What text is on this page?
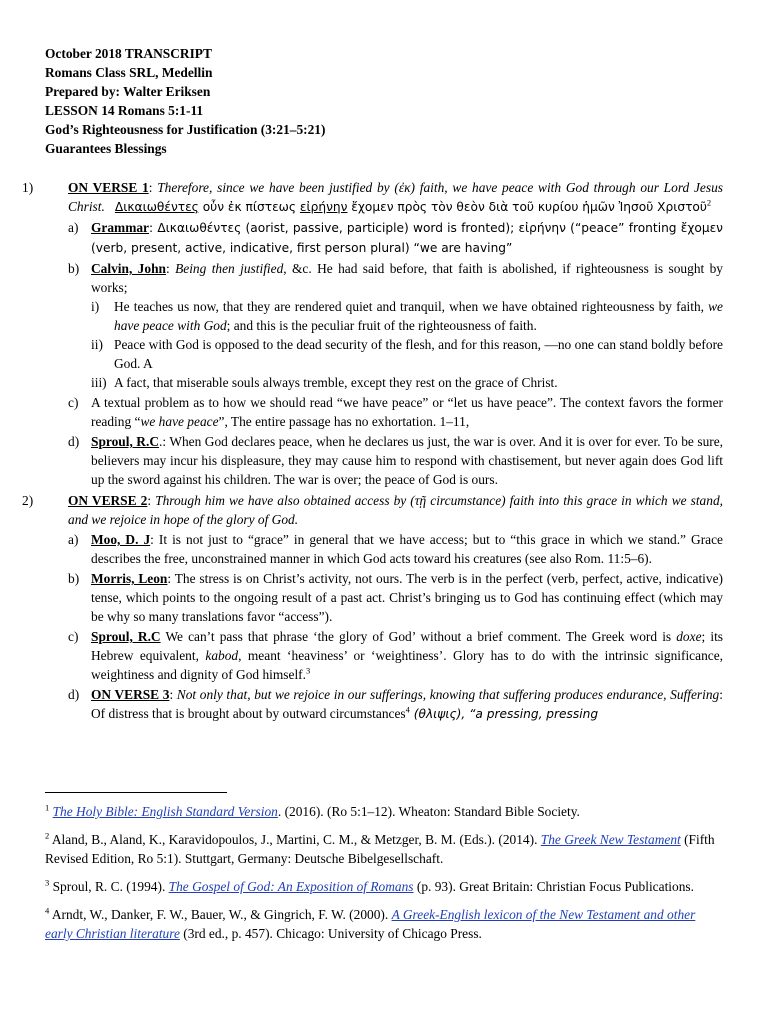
October 2018 TRANSCRIPT
Romans Class SRL, Medellin
Prepared by: Walter Eriksen
LESSON 14 Romans 5:1-11
God’s Righteousness for Justification (3:21–5:21)
Guarantees Blessings
1)	ON VERSE 1: Therefore, since we have been justified by (ἐκ) faith, we have peace with God through our Lord Jesus Christ. Δικαιωθέντες οὖν ἐκ πίστεως εἰρήνην ἔχομεν πρὸς τὸν θεὸν διὰ τοῦ κυρίου ἡμῶν Ἰησοῦ Χριστοῦ$^2$
a) Grammar: Δικαιωθέντες (aorist, passive, participle) word is fronted); εἰρήνην (“peace” fronting ἔχομεν (verb, present, active, indicative, first person plural) “we are having”
b) Calvin, John: Being then justified, &c. He had said before, that faith is abolished, if righteousness is sought by works;
i) He teaches us now, that they are rendered quiet and tranquil, when we have obtained righteousness by faith, we have peace with God; and this is the peculiar fruit of the righteousness of faith.
ii) Peace with God is opposed to the dead security of the flesh, and for this reason, —no one can stand boldly before God. A
iii) A fact, that miserable souls always tremble, except they rest on the grace of Christ.
c) A textual problem as to how we should read “we have peace” or “let us have peace”. The context favors the former reading “we have peace”, The entire passage has no exhortation. 1–11,
d) Sproul, R.C.: When God declares peace, when he declares us just, the war is over. And it is over for ever. To be sure, believers may incur his displeasure, they may cause him to respond with chastisement, but never again does God lift up the sword against his children. The war is over; the peace of God is ours.
2)	ON VERSE 2: Through him we have also obtained access by (τῇ circumstance) faith into this grace in which we stand, and we rejoice in hope of the glory of God.
a) Moo, D. J: It is not just to “grace” in general that we have access; but to “this grace in which we stand.” Grace describes the free, unconstrained manner in which God acts toward his creatures (see also Rom. 11:5–6).
b) Morris, Leon: The stress is on Christ’s activity, not ours. The verb is in the perfect (verb, perfect, active, indicative) tense, which points to the ongoing result of a past act. Christ’s bringing us to God has continuing effect (which may be why so many translations favor “access”).
c) Sproul, R.C We can’t pass that phrase ‘the glory of God’ without a brief comment. The Greek word is doxe; its Hebrew equivalent, kabod, meant ‘heaviness’ or ‘weightiness’. Glory has to do with the intrinsic significance, weightiness and dignity of God himself.$^3$
d) ON VERSE 3: Not only that, but we rejoice in our sufferings, knowing that suffering produces endurance, Suffering: Of distress that is brought about by outward circumstances$^4$ (θλιψις), “a pressing, pressing
$^1$ The Holy Bible: English Standard Version. (2016). (Ro 5:1–12). Wheaton: Standard Bible Society.
$^2$ Aland, B., Aland, K., Karavidopoulos, J., Martini, C. M., & Metzger, B. M. (Eds.). (2014). The Greek New Testament (Fifth Revised Edition, Ro 5:1). Stuttgart, Germany: Deutsche Bibelgesellschaft.
$^3$ Sproul, R. C. (1994). The Gospel of God: An Exposition of Romans (p. 93). Great Britain: Christian Focus Publications.
$^4$ Arndt, W., Danker, F. W., Bauer, W., & Gingrich, F. W. (2000). A Greek-English lexicon of the New Testament and other early Christian literature (3rd ed., p. 457). Chicago: University of Chicago Press.
